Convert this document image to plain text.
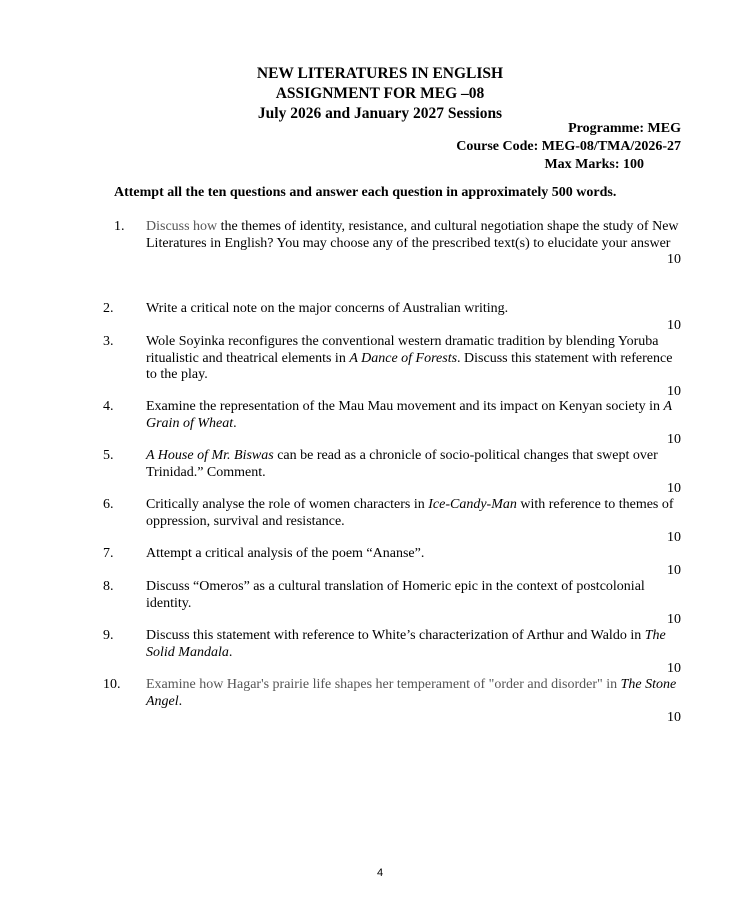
NEW LITERATURES IN ENGLISH
ASSIGNMENT FOR MEG –08
July 2026 and January 2027 Sessions
Programme: MEG
Course Code: MEG-08/TMA/2026-27
Max Marks: 100
Attempt all the ten questions and answer each question in approximately 500 words.
1. Discuss how the themes of identity, resistance, and cultural negotiation shape the study of New Literatures in English? You may choose any of the prescribed text(s) to elucidate your answer
10
2. Write a critical note on the major concerns of Australian writing.
10
3. Wole Soyinka reconfigures the conventional western dramatic tradition by blending Yoruba ritualistic and theatrical elements in A Dance of Forests. Discuss this statement with reference to the play.
10
4. Examine the representation of the Mau Mau movement and its impact on Kenyan society in A Grain of Wheat.
10
5. A House of Mr. Biswas can be read as a chronicle of socio-political changes that swept over Trinidad.” Comment.
10
6. Critically analyse the role of women characters in Ice-Candy-Man with reference to themes of oppression, survival and resistance.
10
7. Attempt a critical analysis of the poem “Ananse”.
10
8. Discuss “Omeros” as a cultural translation of Homeric epic in the context of postcolonial identity.
10
9. Discuss this statement with reference to White’s characterization of Arthur and Waldo in The Solid Mandala.
10
10. Examine how Hagar's prairie life shapes her temperament of "order and disorder" in The Stone Angel.
10
4
